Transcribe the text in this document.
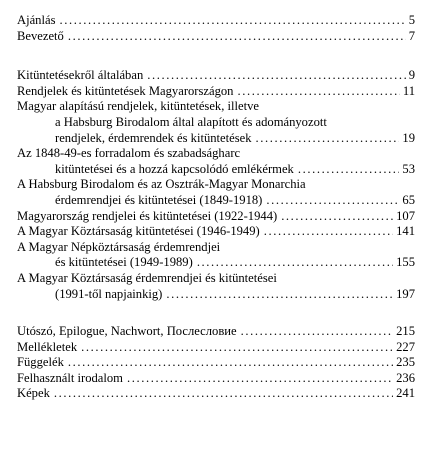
Ajánlás .....	5
Bevezető .....	7
Kitüntetésekről általában .....	9
Rendjelek és kitüntetések Magyarországon .....	11
Magyar alapítású rendjelek, kitüntetések, illetve
a Habsburg Birodalom által alapított és adományozott
rendjelek, érdemrendek és kitüntetések .....	19
Az 1848-49-es forradalom és szabadságharc
kitüntetései és a hozzá kapcsolódó emlékérmek .....	53
A Habsburg Birodalom és az Osztrák-Magyar Monarchia
érdemrendjei és kitüntetései (1849-1918) .....	65
Magyarország rendjelei és kitüntetései (1922-1944) .....	107
A Magyar Köztársaság kitüntetései (1946-1949) .....	141
A Magyar Népköztársaság érdemrendjei
és kitüntetései (1949-1989) .....	155
A Magyar Köztársaság érdemrendjei és kitüntetései
(1991-től napjainkig) .....	197
Utószó, Epilogue, Nachwort, Послесловие .....	215
Mellékletek .....	227
Függelék .....	235
Felhasznált irodalom .....	236
Képek .....	241
